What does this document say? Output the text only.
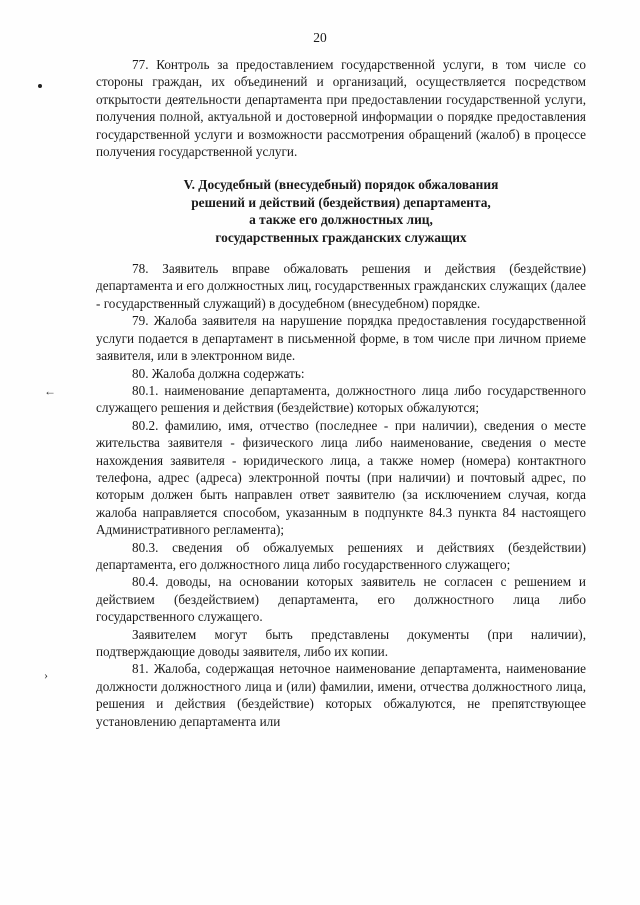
20
←
›

77. Контроль за предоставлением государственной услуги, в том числе со стороны граждан, их объединений и организаций, осуществляется посредством открытости деятельности департамента при предоставлении государственной услуги, получения полной, актуальной и достоверной информации о порядке предоставления государственной услуги и возможности рассмотрения обращений (жалоб) в процессе получения государственной услуги.

V. Досудебный (внесудебный) порядок обжалования
решений и действий (бездействия) департамента,
а также его должностных лиц,
государственных гражданских служащих

78. Заявитель вправе обжаловать решения и действия (бездействие) департамента и его должностных лиц, государственных гражданских служащих (далее - государственный служащий) в досудебном (внесудебном) порядке.

79. Жалоба заявителя на нарушение порядка предоставления государственной услуги подается в департамент в письменной форме, в том числе при личном приеме заявителя, или в электронном виде.

80. Жалоба должна содержать:

80.1. наименование департамента, должностного лица либо государственного служащего решения и действия (бездействие) которых обжалуются;

80.2. фамилию, имя, отчество (последнее - при наличии), сведения о месте жительства заявителя - физического лица либо наименование, сведения о месте нахождения заявителя - юридического лица, а также номер (номера) контактного телефона, адрес (адреса) электронной почты (при наличии) и почтовый адрес, по которым должен быть направлен ответ заявителю (за исключением случая, когда жалоба направляется способом, указанным в подпункте 84.3 пункта 84 настоящего Административного регламента);

80.3. сведения об обжалуемых решениях и действиях (бездействии) департамента, его должностного лица либо государственного служащего;

80.4. доводы, на основании которых заявитель не согласен с решением и действием (бездействием) департамента, его должностного лица либо государственного служащего.

Заявителем могут быть представлены документы (при наличии), подтверждающие доводы заявителя, либо их копии.

81. Жалоба, содержащая неточное наименование департамента, наименование должности должностного лица и (или) фамилии, имени, отчества должностного лица, решения и действия (бездействие) которых обжалуются, не препятствующее установлению департамента или
